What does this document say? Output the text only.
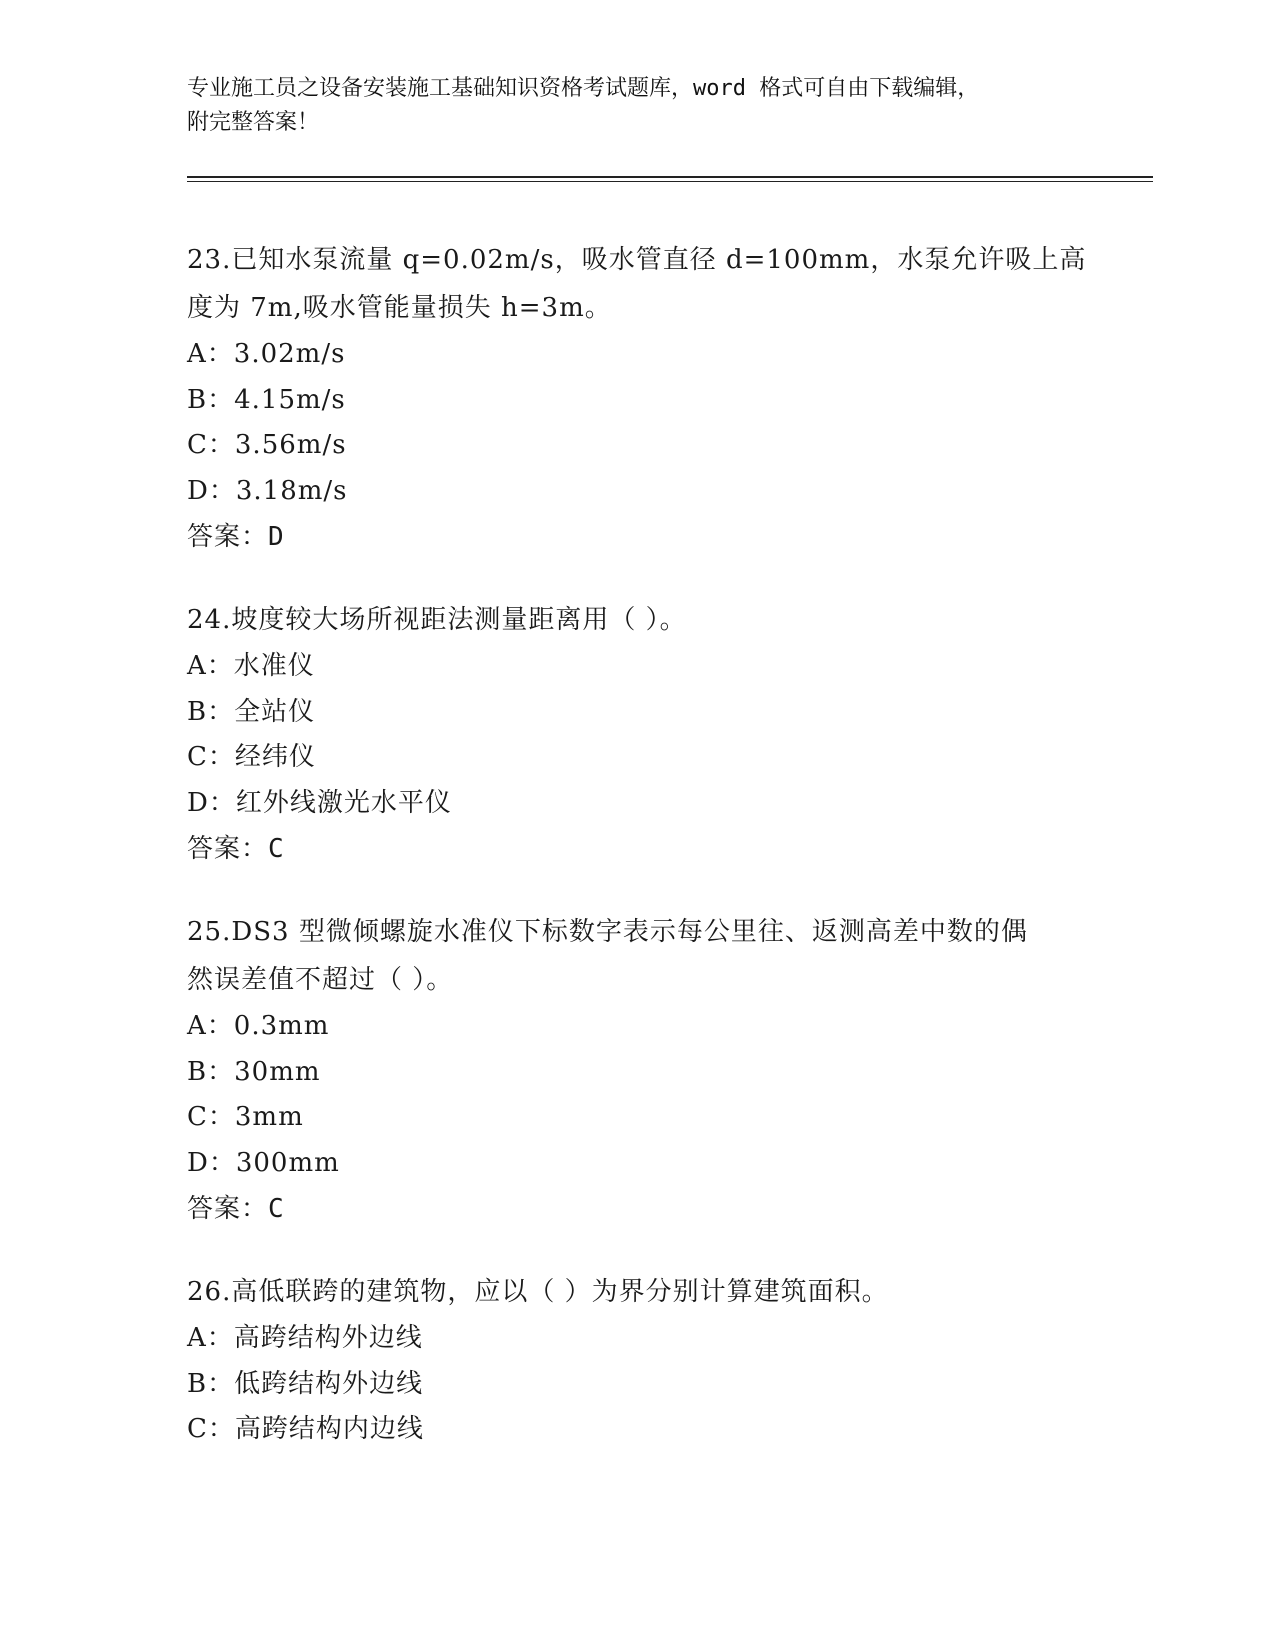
专业施工员之设备安装施工基础知识资格考试题库，word 格式可自由下载编辑，
附完整答案！
23.已知水泵流量 q=0.02m/s，吸水管直径 d=100mm，水泵允许吸上高
度为 7m,吸水管能量损失 h=3m。
A：3.02m/s
B：4.15m/s
C：3.56m/s
D：3.18m/s
答案：D
24.坡度较大场所视距法测量距离用（ ）。
A：水准仪
B：全站仪
C：经纬仪
D：红外线激光水平仪
答案：C
25.DS3 型微倾螺旋水准仪下标数字表示每公里往、返测高差中数的偶
然误差值不超过（ ）。
A：0.3mm
B：30mm
C：3mm
D：300mm
答案：C
26.高低联跨的建筑物，应以（ ）为界分别计算建筑面积。
A：高跨结构外边线
B：低跨结构外边线
C：高跨结构内边线
